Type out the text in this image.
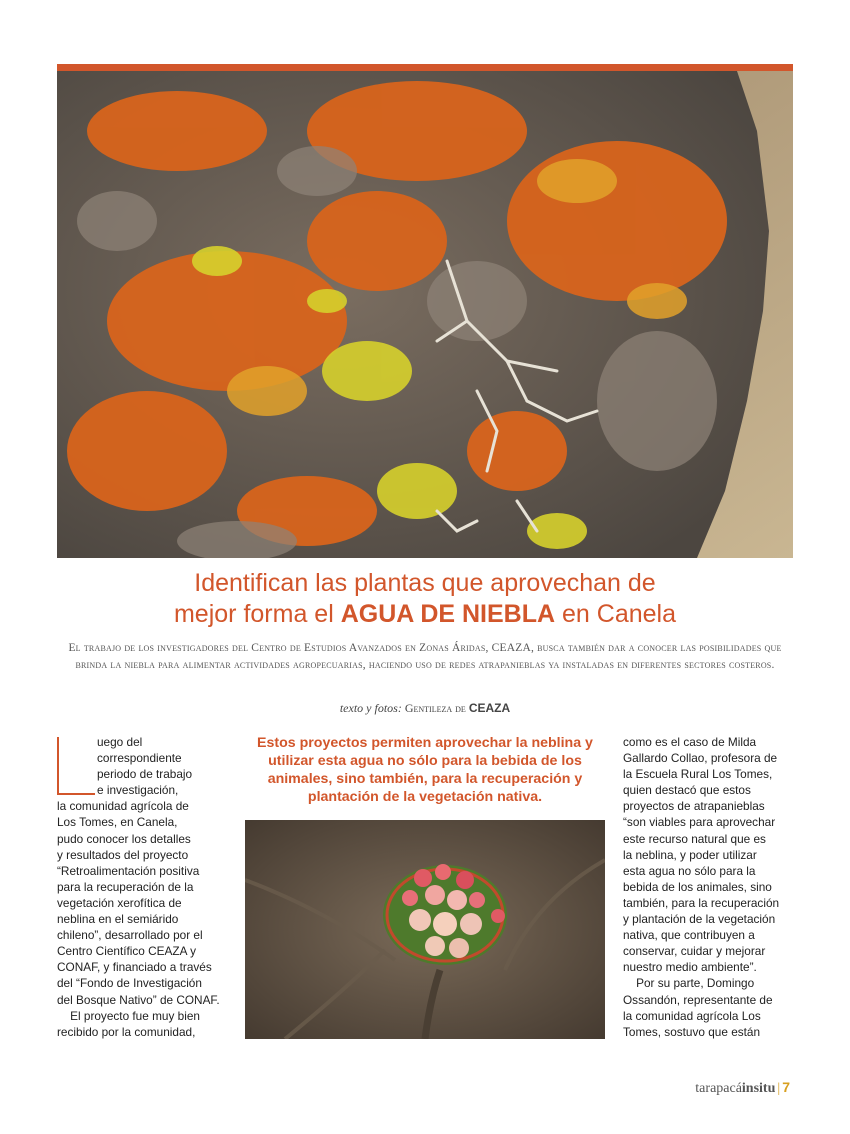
Identifican las plantas que aprovechan de
mejor forma el AGUA DE NIEBLA en Canela

El trabajo de los investigadores del Centro de Estudios Avanzados en Zonas Áridas, CEAZA, busca también dar a conocer las posibilidades que brinda la niebla para alimentar actividades agropecuarias, haciendo uso de redes atrapanieblas ya instaladas en diferentes sectores costeros.

texto y fotos: Gentileza de CEAZA
uego del
correspondiente
periodo de trabajo
e investigación,
la comunidad agrícola de
Los Tomes, en Canela,
pudo conocer los detalles
y resultados del proyecto
“Retroalimentación positiva
para la recuperación de la
vegetación xerofítica de
neblina en el semiárido
chileno”, desarrollado por el
Centro Científico CEAZA y
CONAF, y financiado a través
del “Fondo de Investigación
del Bosque Nativo” de CONAF.
El proyecto fue muy bien
recibido por la comunidad,

Estos proyectos permiten aprovechar la neblina y utilizar esta agua no sólo para la bebida de los animales, sino también, para la recuperación y plantación de la vegetación nativa.

como es el caso de Milda
Gallardo Collao, profesora de
la Escuela Rural Los Tomes,
quien destacó que estos
proyectos de atrapanieblas
“son viables para aprovechar
este recurso natural que es
la neblina, y poder utilizar
esta agua no sólo para la
bebida de los animales, sino
también, para la recuperación
y plantación de la vegetación
nativa, que contribuyen a
conservar, cuidar y mejorar
nuestro medio ambiente”.
Por su parte, Domingo
Ossandón, representante de
la comunidad agrícola Los
Tomes, sostuvo que están
tarapacáinsitu | 7
